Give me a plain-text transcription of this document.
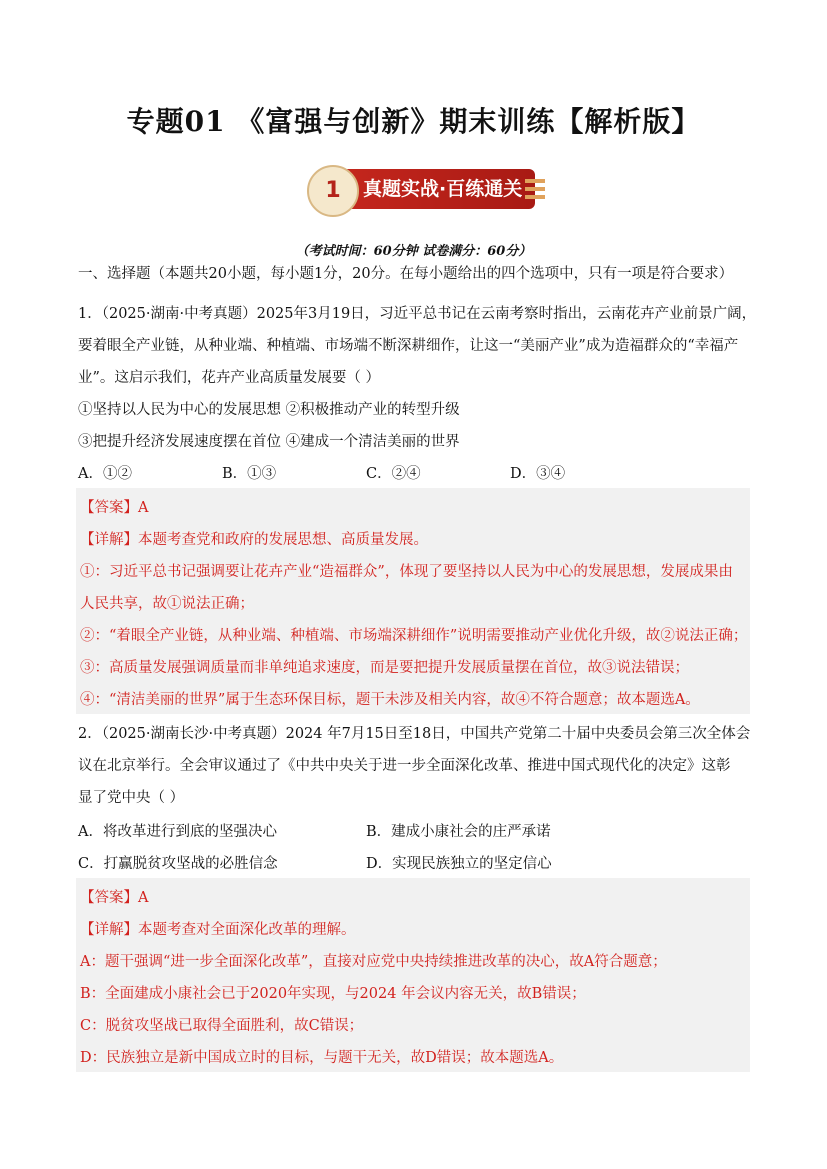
专题01 《富强与创新》期末训练【解析版】
1	真题实战·百练通关
（考试时间：60分钟 试卷满分：60分）
一、选择题（本题共20小题，每小题1分，20分。在每小题给出的四个选项中，只有一项是符合要求）
1．（2025·湖南·中考真题）2025年3月19日，习近平总书记在云南考察时指出，云南花卉产业前景广阔，
要着眼全产业链，从种业端、种植端、市场端不断深耕细作，让这一“美丽产业”成为造福群众的“幸福产
业”。这启示我们，花卉产业高质量发展要（ ）
①坚持以人民为中心的发展思想 ②积极推动产业的转型升级
③把提升经济发展速度摆在首位 ④建成一个清洁美丽的世界
A．①②	B．①③	C．②④	D．③④
【答案】A
【详解】本题考查党和政府的发展思想、高质量发展。
①：习近平总书记强调要让花卉产业“造福群众”，体现了要坚持以人民为中心的发展思想，发展成果由
人民共享，故①说法正确；
②：“着眼全产业链，从种业端、种植端、市场端深耕细作”说明需要推动产业优化升级，故②说法正确；
③：高质量发展强调质量而非单纯追求速度，而是要把提升发展质量摆在首位，故③说法错误；
④：“清洁美丽的世界”属于生态环保目标，题干未涉及相关内容，故④不符合题意；故本题选A。
2．（2025·湖南长沙·中考真题）2024 年7月15日至18日，中国共产党第二十届中央委员会第三次全体会
议在北京举行。全会审议通过了《中共中央关于进一步全面深化改革、推进中国式现代化的决定》这彰
显了党中央（ ）
A．将改革进行到底的坚强决心	B．建成小康社会的庄严承诺
C．打赢脱贫攻坚战的必胜信念	D．实现民族独立的坚定信心
【答案】A
【详解】本题考查对全面深化改革的理解。
A：题干强调“进一步全面深化改革”，直接对应党中央持续推进改革的决心，故A符合题意；
B：全面建成小康社会已于2020年实现，与2024 年会议内容无关，故B错误；
C：脱贫攻坚战已取得全面胜利，故C错误；
D：民族独立是新中国成立时的目标，与题干无关，故D错误；故本题选A。
